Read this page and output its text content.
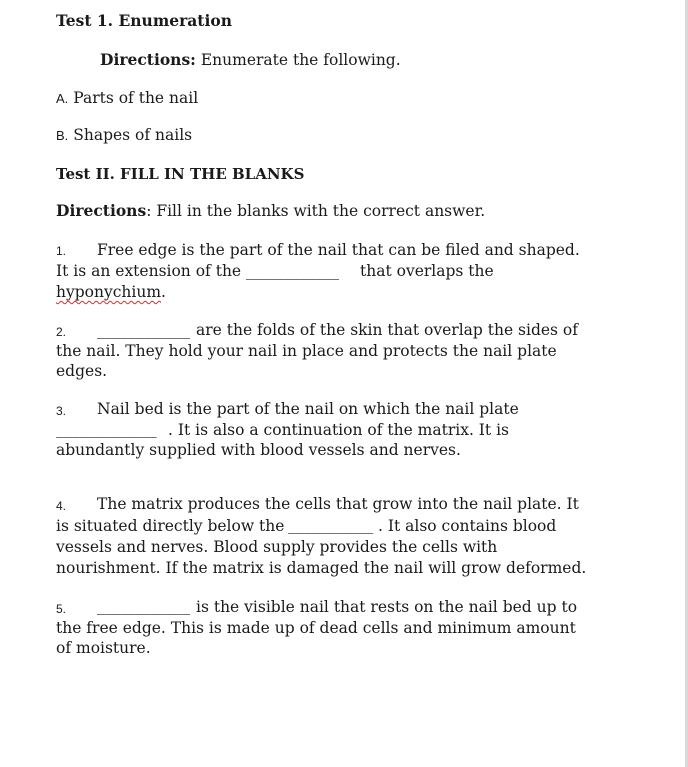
Test 1. Enumeration
Directions: Enumerate the following.
A. Parts of the nail
B. Shapes of nails
Test II. FILL IN THE BLANKS
Directions: Fill in the blanks with the correct answer.
1. Free edge is the part of the nail that can be filed and shaped.
It is an extension of the ____________ that overlaps the
hyponychium.
2. ____________ are the folds of the skin that overlap the sides of
the nail. They hold your nail in place and protects the nail plate
edges.
3. Nail bed is the part of the nail on which the nail plate
_____________ . It is also a continuation of the matrix. It is
abundantly supplied with blood vessels and nerves.
4. The matrix produces the cells that grow into the nail plate. It
is situated directly below the ___________ . It also contains blood
vessels and nerves. Blood supply provides the cells with
nourishment. If the matrix is damaged the nail will grow deformed.
5. ____________ is the visible nail that rests on the nail bed up to
the free edge. This is made up of dead cells and minimum amount
of moisture.
